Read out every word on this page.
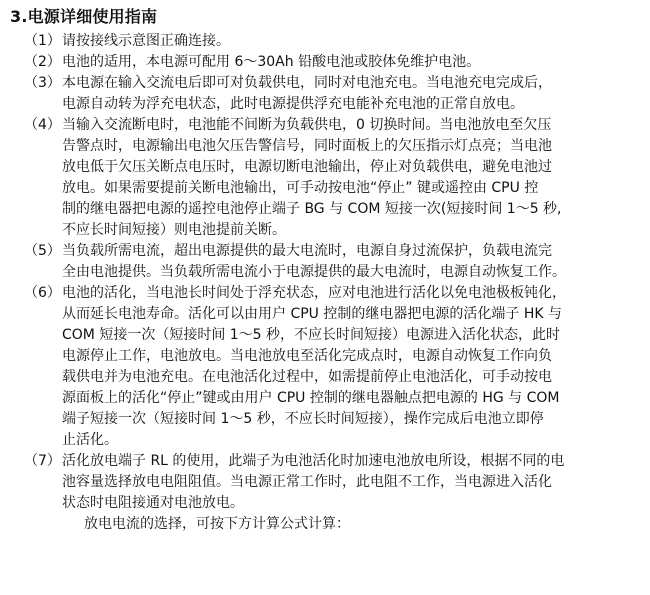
3.电源详细使用指南
（1） 请按接线示意图正确连接。
（2） 电池的适用，本电源可配用 6～30Ah 铅酸电池或胶体免维护电池。
（3） 本电源在输入交流电后即可对负载供电，同时对电池充电。当电池充电完成后，
电源自动转为浮充电状态，此时电源提供浮充电能补充电池的正常自放电。
（4） 当输入交流断电时，电池能不间断为负载供电，0 切换时间。当电池放电至欠压
告警点时，电源输出电池欠压告警信号，同时面板上的欠压指示灯点亮；当电池
放电低于欠压关断点电压时，电源切断电池输出，停止对负载供电，避免电池过
放电。如果需要提前关断电池输出，可手动按电池“停止” 键或遥控由 CPU 控
制的继电器把电源的遥控电池停止端子 BG 与 COM 短接一次(短接时间 1～5 秒,
不应长时间短接）则电池提前关断。
（5） 当负载所需电流，超出电源提供的最大电流时，电源自身过流保护，负载电流完
全由电池提供。当负载所需电流小于电源提供的最大电流时，电源自动恢复工作。
（6） 电池的活化，当电池长时间处于浮充状态，应对电池进行活化以免电池极板钝化，
从而延长电池寿命。活化可以由用户 CPU 控制的继电器把电源的活化端子 HK 与
COM 短接一次（短接时间 1～5 秒，不应长时间短接）电源进入活化状态，此时
电源停止工作，电池放电。当电池放电至活化完成点时，电源自动恢复工作向负
载供电并为电池充电。在电池活化过程中，如需提前停止电池活化，可手动按电
源面板上的活化“停止”键或由用户 CPU 控制的继电器触点把电源的 HG 与 COM
端子短接一次（短接时间 1～5 秒，不应长时间短接），操作完成后电池立即停
止活化。
（7） 活化放电端子 RL 的使用，此端子为电池活化时加速电池放电所设，根据不同的电
池容量选择放电电阻阻值。当电源正常工作时，此电阻不工作，当电源进入活化
状态时电阻接通对电池放电。
放电电流的选择，可按下方计算公式计算：
